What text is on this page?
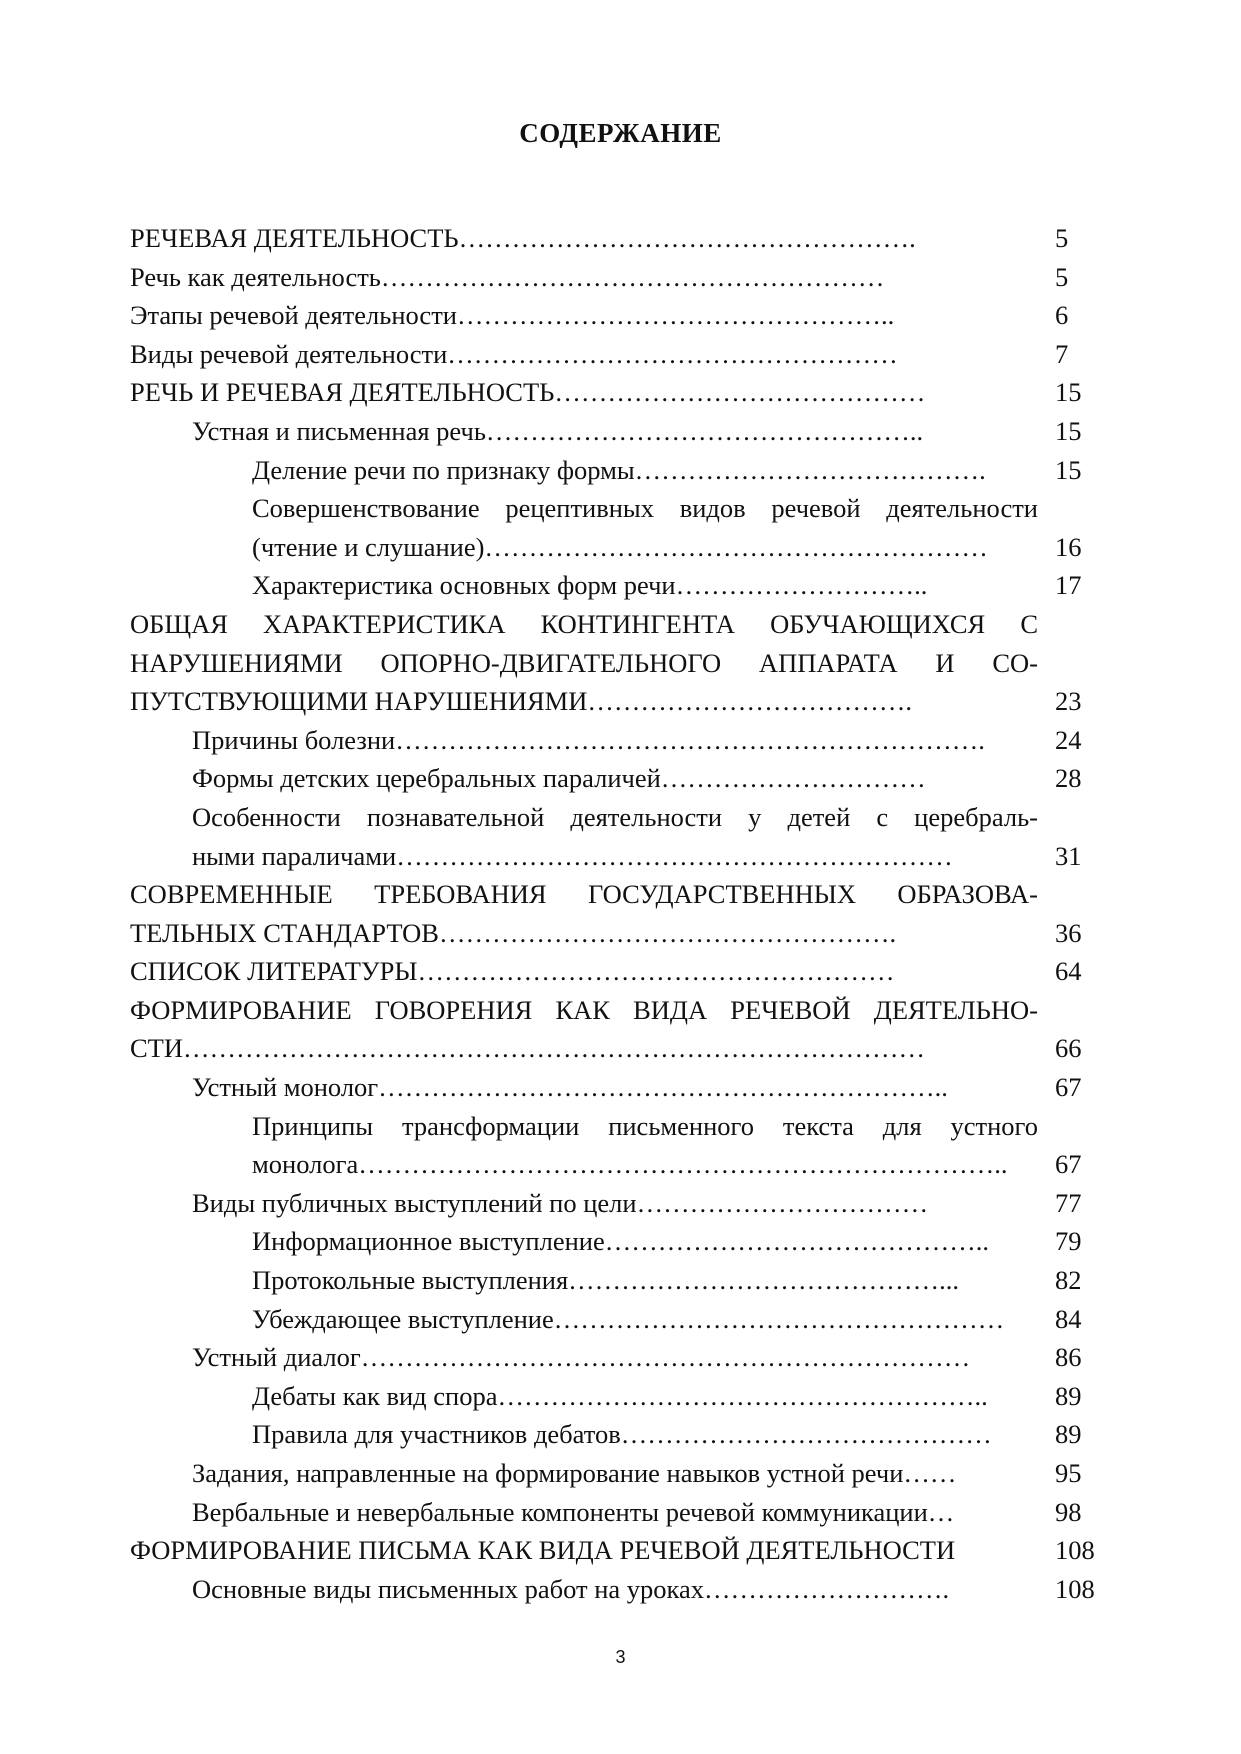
СОДЕРЖАНИЕ
РЕЧЕВАЯ ДЕЯТЕЛЬНОСТЬ…………………………………………….	5
Речь как деятельность…………………………………………………	5
Этапы речевой деятельности…………………………………………..	6
Виды речевой деятельности……………………………………………	7
РЕЧЬ И РЕЧЕВАЯ ДЕЯТЕЛЬНОСТЬ……………………………………	15
Устная и письменная речь…………………………………………..	15
Деление речи по признаку формы………………………………….	15
Совершенствование рецептивных видов речевой деятельности
(чтение и слушание)…………………………………………………	16
Характеристика основных форм речи………………………..	17
ОБЩАЯ ХАРАКТЕРИСТИКА КОНТИНГЕНТА ОБУЧАЮЩИХСЯ С
НАРУШЕНИЯМИ ОПОРНО-ДВИГАТЕЛЬНОГО АППАРАТА И СО-
ПУТСТВУЮЩИМИ НАРУШЕНИЯМИ……………………………….	23
Причины болезни………………………………………………………….	24
Формы детских церебральных параличей…………………………	28
Особенности познавательной деятельности у детей с церебраль-
ными параличами………………………………………………………	31
СОВРЕМЕННЫЕ ТРЕБОВАНИЯ ГОСУДАРСТВЕННЫХ ОБРАЗОВА-
ТЕЛЬНЫХ СТАНДАРТОВ…………………………………………….	36
СПИСОК ЛИТЕРАТУРЫ………………………………………………	64
ФОРМИРОВАНИЕ ГОВОРЕНИЯ КАК ВИДА РЕЧЕВОЙ ДЕЯТЕЛЬНО-
СТИ…………………………………………………………………………	66
Устный монолог………………………………………………………..	67
Принципы трансформации письменного текста для устного
монолога……………………………………………………………….. 67
Виды публичных выступлений по цели……………………………	77
Информационное выступление…………………………………….. 79
Протокольные выступления……………………………………...	82
Убеждающее выступление…………………………………………… 84
Устный диалог……………………………………………………………	86
Дебаты как вид спора………………………………………………..	89
Правила для участников дебатов…………………………………… 89
Задания, направленные на формирование навыков устной речи……	95
Вербальные и невербальные компоненты речевой коммуникации…	98
ФОРМИРОВАНИЕ ПИСЬМА КАК ВИДА РЕЧЕВОЙ ДЕЯТЕЛЬНОСТИ	108
Основные виды письменных работ на уроках……………………….	108
3
